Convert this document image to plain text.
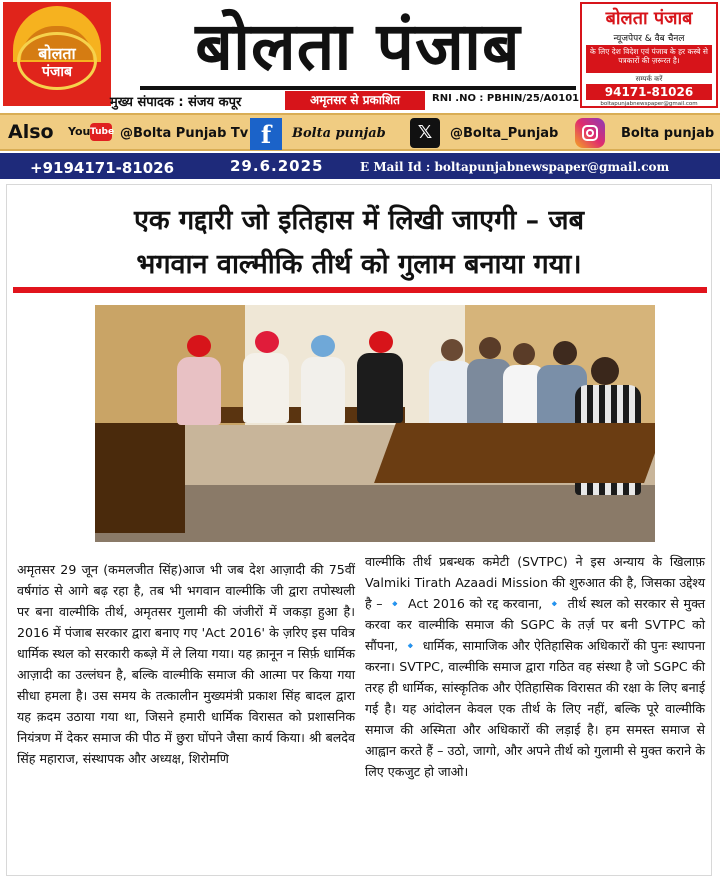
बोलता
पंजाब	बोलता पंजाब
मुख्य संपादक : संजय कपूर	अमृतसर से प्रकाशित	RNI .NO : PBHIN/25/A0101
बोलता पंजाब
न्यूजपेपर & वैब चैनल
के लिए देश विदेश एवं पंजाब के हर कस्बे से पत्रकारों की ज़रूरत है।
सम्पर्क करें
94171-81026
boltapunjabnewspaper@gmail.com
Also You Tube @Bolta Punjab Tv f	Bolta punjab	𝕏	@Bolta_Punjab	Bolta punjab
+9194171-81026	29.6.2025	E Mail Id : boltapunjabnewspaper@gmail.com
एक गद्दारी जो इतिहास में लिखी जाएगी – जब
भगवान वाल्मीकि तीर्थ को गुलाम बनाया गया।

अमृतसर 29 जून (कमलजीत सिंह)आज भी जब देश आज़ादी की 75वीं वर्षगांठ से आगे बढ़ रहा है, तब भी भगवान वाल्मीकि जी द्वारा तपोस्थली पर बना वाल्मीकि तीर्थ, अमृतसर गुलामी की जंजीरों में जकड़ा हुआ है। 2016 में पंजाब सरकार द्वारा बनाए गए 'Act 2016' के ज़रिए इस पवित्र धार्मिक स्थल को सरकारी कब्ज़े में ले लिया गया। यह क़ानून न सिर्फ़ धार्मिक आज़ादी का उल्लंघन है, बल्कि वाल्मीकि समाज की आत्मा पर किया गया सीधा हमला है। उस समय के तत्कालीन मुख्यमंत्री प्रकाश सिंह बादल द्वारा यह क़दम उठाया गया था, जिसने हमारी धार्मिक विरासत को प्रशासनिक नियंत्रण में देकर समाज की पीठ में छुरा घोंपने जैसा कार्य किया। श्री बलदेव सिंह महाराज, संस्थापक और अध्यक्ष, शिरोमणि

वाल्मीकि तीर्थ प्रबन्धक कमेटी (SVTPC) ने इस अन्याय के खिलाफ़ Valmiki Tirath Azaadi Mission की शुरुआत की है, जिसका उद्देश्य है – 🔹 Act 2016 को रद्द करवाना, 🔹 तीर्थ स्थल को सरकार से मुक्त करवा कर वाल्मीकि समाज की SGPC के तर्ज़ पर बनी SVTPC को सौंपना, 🔹 धार्मिक, सामाजिक और ऐतिहासिक अधिकारों की पुनः स्थापना करना। SVTPC, वाल्मीकि समाज द्वारा गठित वह संस्था है जो SGPC की तरह ही धार्मिक, सांस्कृतिक और ऐतिहासिक विरासत की रक्षा के लिए बनाई गई है। यह आंदोलन केवल एक तीर्थ के लिए नहीं, बल्कि पूरे वाल्मीकि समाज की अस्मिता और अधिकारों की लड़ाई है। हम समस्त समाज से आह्वान करते हैं – उठो, जागो, और अपने तीर्थ को गुलामी से मुक्त कराने के लिए एकजुट हो जाओ।
